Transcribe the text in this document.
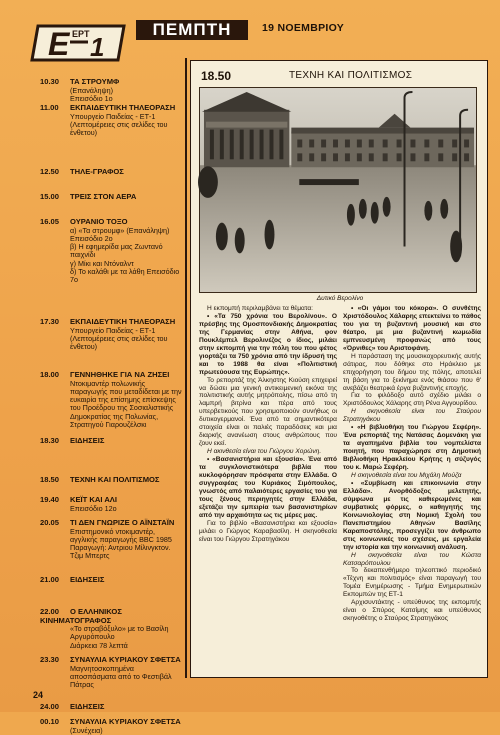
E ΕΡΤ 1
ΠΕΜΠΤΗ	19 ΝΟΕΜΒΡΙΟΥ
10.30 ΤΑ ΣΤΡΟΥΜΦ
(Επανάληψη)
Επεισόδιο 1ο
11.00 ΕΚΠΑΙΔΕΥΤΙΚΗ ΤΗΛΕΟΡΑΣΗ
Υπουργείο Παιδείας - ΕΤ-1
(Λεπτομέρειες στις σελίδες του ένθετου)
12.50 ΤΗΛΕ-ΓΡΑΦΟΣ
15.00 ΤΡΕΙΣ ΣΤΟΝ ΑΕΡΑ
16.05 ΟΥΡΑΝΙΟ ΤΟΞΟ
α) «Τα στρουμφ» (Επανάληψη) Επεισόδιο 2ο
β) Η εφημερίδα μας Ζωντανό παιχνίδι
γ) Μίκι και Ντόναλντ
δ) Το καλάθι με τα λάθη Επεισόδιο 7ο
17.30 ΕΚΠΑΙΔΕΥΤΙΚΗ ΤΗΛΕΟΡΑΣΗ
Υπουργείο Παιδείας - ΕΤ-1
(Λεπτομέρειες στις σελίδες του ένθετου)
18.00 ΓΕΝΝΗΘΗΚΕ ΓΙΑ ΝΑ ΖΗΣΕΙ
Ντοκιμαντέρ πολωνικής παραγωγής που μεταδίδεται με την ευκαιρία της επίσημης επίσκεψης του Προέδρου της Σοσιαλιστικής Δημοκρατίας της Πολωνίας, Στρατηγού Γιαρουζέλσκι
18.30 ΕΙΔΗΣΕΙΣ
18.50 ΤΕΧΝΗ ΚΑΙ ΠΟΛΙΤΙΣΜΟΣ
19.40 ΚΕΪΤ ΚΑΙ ΑΛΙ
Επεισόδιο 12ο
20.05 ΤΙ ΔΕΝ ΓΝΩΡΙΖΕ Ο ΑΪΝΣΤΑΪΝ
Επιστημονικό ντοκιμαντέρ, αγγλικής παραγωγής BBC 1985
Παραγωγή: Αντριου Μίλινγκτον. Τζιμ Μπερτς
21.00 ΕΙΔΗΣΕΙΣ
22.00 Ο ΕΛΛΗΝΙΚΟΣ ΚΙΝΗΜΑΤΟΓΡΑΦΟΣ
«Το στραβόξυλο» με το Βασίλη Αργυρόπουλο
Διάρκεια 78 λεπτά
23.30 ΣΥΝΑΥΛΙΑ ΚΥΡΙΑΚΟΥ ΣΦΕΤΣΑ
Μαγνητοσκοπημένα αποσπάσματα από το Φεστιβάλ Πάτρας
24.00 ΕΙΔΗΣΕΙΣ
00.10 ΣΥΝΑΥΛΙΑ ΚΥΡΙΑΚΟΥ ΣΦΕΤΣΑ
(Συνέχεια)
18.50	ΤΕΧΝΗ ΚΑΙ ΠΟΛΙΤΙΣΜΟΣ
Δυτικό Βερολίνο

Η εκπομπή περιλαμβάνει τα θέματα:

• «Τα 750 χρόνια του Βερολίνου». Ο πρέσβης της Ομοσπονδιακής Δημοκρατίας της Γερμανίας στην Αθήνα, φον Πουκλέμπελ Βερολινέζος ο ίδιος, μιλάει στην εκπομπή για την πόλη του που φέτος γιορτάζει τα 750 χρόνια από την ίδρυσή της και το 1988 θα είναι «Πολιτιστική πρωτεύουσα της Ευρώπης».

Το ρεπορτάζ της Άλκηστης Κιούση επιχειρεί να δώσει μια γενική αντικειμενική εικόνα της πολιτιστικής αυτής μητρόπολης, πίσω από τη λαμπρή βιτρίνα και πέρα από τους υπερβετικούς που χρησιμοποιούν συνήθως οι δυτικογερμανοί. Ένα από τα σημαντικότερα στοιχεία είναι οι παλιές παραδόσεις και μια διαρκής ανανέωση στους ανθρώπους που ζουν εκεί.

Η ακινθεσία είναι του Γιώργου Χορώνη.

• «Βασανιστήρια και εξουσία». Ένα από τα συγκλονιστικότερα βιβλία που κυκλοφόρησαν πρόσφατα στην Ελλάδα. Ο συγγραφέας του Κυριάκος Σιμόπουλος, γνωστός από παλαιότερες εργασίες του για τους ξένους περιηγητές στην Ελλάδα, εξετάζει την εμπειρία των βασανιστηρίων από την αρχαιότητα ως τις μέρες μας.

Για το βιβλίο «Βασανιστήρια και εξουσία» μιλάει ο Γιώργος Καραβασίλη. Η σκηνοθεσία είναι του Γιώργου Στρατηγάκου

• «Οι γάμοι του κόκορα». Ο συνθέτης Χριστόδουλος Χάλαρης επεκτείνει το πάθος του για τη βυζαντινή μουσική και στο θέατρο, με μια βυζαντινή κωμωδία εμπνευσμένη προφανώς από τους «Όρνιθες» του Αριστοφάνη.

Η παράσταση της μουσικοχορευτικής αυτής σάτιρας, που δόθηκε στο Ηράκλειο με επιχορήγηση του δήμου της πόλης, αποτελεί τη βάση για το ξεκίνημα ενός θιάσου που θ' ανεβάζει θεατρικά έργα βυζαντινής εποχής.

Για το φιλόδοξο αυτό σχέδιο μιλάει ο Χριστόδουλος Χάλαρης στη Ρένα Αγγουρίδου.

Η σκηνοθεσία είναι του Σταύρου Στρατηγάκου

• «Η βιβλιοθήκη του Γιώργου Σεφέρη». Ένα ρεπορτάζ της Νατάσας Δομενάκη για τα αγαπημένα βιβλία του νομπελίστα ποιητή, που παραχώρησε στη Δημοτική Βιβλιοθήκη Ηρακλείου Κρήτης η σύζυγός του κ. Μαρώ Σεφέρη.

Η σκηνοθεσία είναι του Μιχάλη Μούζα

• «Συμβίωση και επικοινωνία στην Ελλάδα». Ανορθόδοξος μελετητής, σύμφωνα με τις καθιερωμένες και συμβατικές φόρμες, ο καθηγητής της Κοινωνιολογίας στη Νομική Σχολή του Πανεπιστημίου Αθηνών Βασίλης Καραποστόλης, προσεγγίζει τον άνθρωπο στις κοινωνικές του σχέσεις, με εργαλεία την ιστορία και την κοινωνική ανάλυση.

Η σκηνοθεσία είναι του Κώστα Κατσαρόπουλου

Το δεκαπενθήμερο τηλεοπτικό περιοδικό «Τέχνη και πολιτισμός» είναι παραγωγή του Τομέα Ενημέρωσης - Τμήμα Ενημερωτικών Εκπομπών της ΕΤ-1

Αρχισυντάκτης - υπεύθυνος της εκπομπής είναι ο Σπύρος Κατσίμης και υπεύθυνος σκηνοθέτης ο Σταύρος Στρατηγάκος

24
